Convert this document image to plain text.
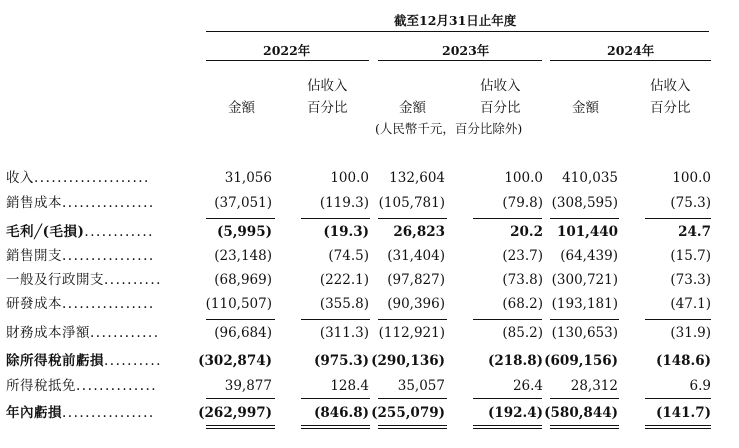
截至12月31日止年度
2022年	2023年	2024年
佔收入	佔收入	佔收入
金額	百分比	金額	百分比	金額	百分比
(人民幣千元，百分比除外)
收入....................	31,056	100.0 132,604	100.0 410,035	100.0
銷售成本................	(37,051)	(119.3) (105,781)	(79.8) (308,595)	(75.3)
毛利╱(毛損)............	(5,995)	(19.3) 26,823	20.2 101,440	24.7
銷售開支................	(23,148)	(74.5) (31,404)	(23.7) (64,439)	(15.7)
一般及行政開支..........	(68,969)	(222.1) (97,827)	(73.8) (300,721)	(73.3)
研發成本................	(110,507)	(355.8) (90,396)	(68.2) (193,181)	(47.1)
財務成本淨額............	(96,684)	(311.3) (112,921)	(85.2) (130,653)	(31.9)
除所得稅前虧損..........	(302,874)	(975.3) (290,136)	(218.8) (609,156)	(148.6)
所得稅抵免..............	39,877	128.4 35,057	26.4 28,312	6.9
年內虧損................	(262,997)	(846.8) (255,079)	(192.4) (580,844)	(141.7)
